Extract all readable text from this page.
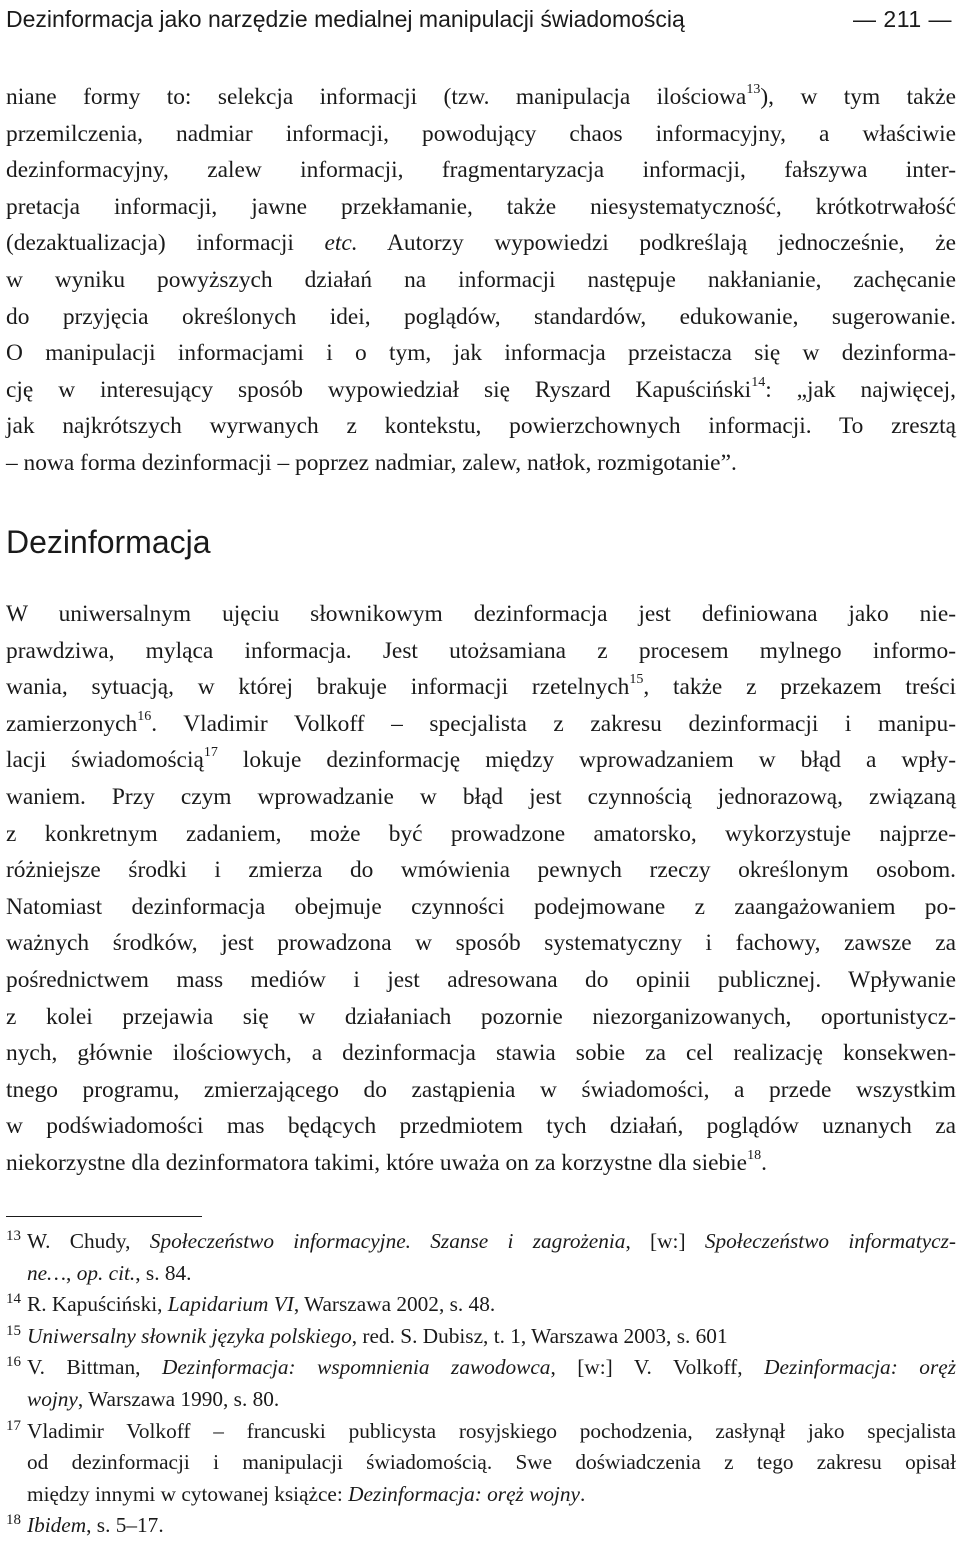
Dezinformacja jako narzędzie medialnej manipulacji świadomością	— 211 —
niane formy to: selekcja informacji (tzw. manipulacja ilościowa$^{13}$), w tym także
przemilczenia, nadmiar informacji, powodujący chaos informacyjny, a właściwie
dezinformacyjny, zalew informacji, fragmentaryzacja informacji, fałszywa inter-
pretacja informacji, jawne przekłamanie, także niesystematyczność, krótkotrwałość
(dezaktualizacja) informacji etc. Autorzy wypowiedzi podkreślają jednocześnie, że
w wyniku powyższych działań na informacji następuje nakłanianie, zachęcanie
do przyjęcia określonych idei, poglądów, standardów, edukowanie, sugerowanie.
O manipulacji informacjami i o tym, jak informacja przeistacza się w dezinforma-
cję w interesujący sposób wypowiedział się Ryszard Kapuściński$^{14}$: „jak najwięcej,
jak najkrótszych wyrwanych z kontekstu, powierzchownych informacji. To zresztą
– nowa forma dezinformacji – poprzez nadmiar, zalew, natłok, rozmigotanie”.
Dezinformacja
W uniwersalnym ujęciu słownikowym dezinformacja jest definiowana jako nie-
prawdziwa, myląca informacja. Jest utożsamiana z procesem mylnego informo-
wania, sytuacją, w której brakuje informacji rzetelnych$^{15}$, także z przekazem treści
zamierzonych$^{16}$. Vladimir Volkoff – specjalista z zakresu dezinformacji i manipu-
lacji świadomością$^{17}$ lokuje dezinformację między wprowadzaniem w błąd a wpły-
waniem. Przy czym wprowadzanie w błąd jest czynnością jednorazową, związaną
z konkretnym zadaniem, może być prowadzone amatorsko, wykorzystuje najprze-
różniejsze środki i zmierza do wmówienia pewnych rzeczy określonym osobom.
Natomiast dezinformacja obejmuje czynności podejmowane z zaangażowaniem po-
ważnych środków, jest prowadzona w sposób systematyczny i fachowy, zawsze za
pośrednictwem mass mediów i jest adresowana do opinii publicznej. Wpływanie
z kolei przejawia się w działaniach pozornie niezorganizowanych, oportunistycz-
nych, głównie ilościowych, a dezinformacja stawia sobie za cel realizację konsekwen-
tnego programu, zmierzającego do zastąpienia w świadomości, a przede wszystkim
w podświadomości mas będących przedmiotem tych działań, poglądów uznanych za
niekorzystne dla dezinformatora takimi, które uważa on za korzystne dla siebie$^{18}$.
13 W. Chudy, Społeczeństwo informacyjne. Szanse i zagrożenia, [w:] Społeczeństwo informatycz-
ne…, op. cit., s. 84.
14 R. Kapuściński, Lapidarium VI, Warszawa 2002, s. 48.
15 Uniwersalny słownik języka polskiego, red. S. Dubisz, t. 1, Warszawa 2003, s. 601
16 V. Bittman, Dezinformacja: wspomnienia zawodowca, [w:] V. Volkoff, Dezinformacja: oręż
wojny, Warszawa 1990, s. 80.
17 Vladimir Volkoff – francuski publicysta rosyjskiego pochodzenia, zasłynął jako specjalista
od dezinformacji i manipulacji świadomością. Swe doświadczenia z tego zakresu opisał
między innymi w cytowanej książce: Dezinformacja: oręż wojny.
18 Ibidem, s. 5–17.
